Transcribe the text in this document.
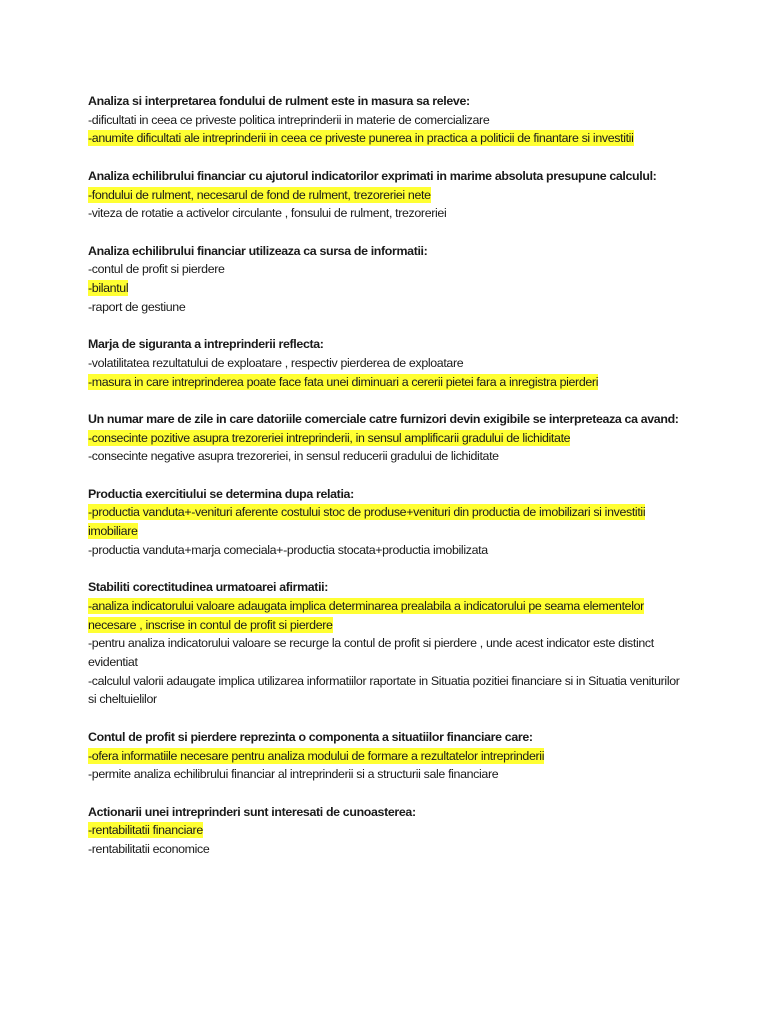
Analiza si interpretarea fondului de rulment este in masura sa releve:
-dificultati in ceea ce priveste politica intreprinderii in materie de comercializare
-anumite dificultati ale intreprinderii in ceea ce priveste punerea in practica a politicii de finantare si investitii
Analiza echilibrului financiar cu ajutorul indicatorilor exprimati in marime absoluta presupune calculul:
-fondului de rulment, necesarul de fond de rulment, trezoreriei nete
-viteza de rotatie a activelor circulante , fonsului de rulment, trezoreriei
Analiza echilibrului financiar utilizeaza ca sursa de informatii:
-contul de profit si pierdere
-bilantul
-raport de gestiune
Marja de siguranta a intreprinderii reflecta:
-volatilitatea rezultatului de exploatare , respectiv pierderea de exploatare
-masura in care intreprinderea poate face fata unei diminuari a cererii pietei fara a inregistra pierderi
Un numar mare de zile in care datoriile comerciale catre furnizori devin exigibile se interpreteaza ca avand:
-consecinte pozitive asupra trezoreriei intreprinderii, in sensul amplificarii gradului de lichiditate
-consecinte negative asupra trezoreriei, in sensul reducerii gradului de lichiditate
Productia exercitiului se determina dupa relatia:
-productia vanduta+-venituri aferente costului stoc de produse+venituri din productia de imobilizari si investitii imobiliare
-productia vanduta+marja comeciala+-productia stocata+productia imobilizata
Stabiliti corectitudinea urmatoarei afirmatii:
-analiza indicatorului valoare adaugata implica determinarea prealabila a indicatorului pe seama elementelor necesare , inscrise in contul de profit si pierdere
-pentru analiza indicatorului valoare se recurge la contul de profit si pierdere , unde acest indicator este distinct evidentiat
-calculul valorii adaugate implica utilizarea informatiilor raportate in Situatia pozitiei financiare si in Situatia veniturilor si cheltuielilor
Contul de profit si pierdere reprezinta o componenta a situatiilor financiare care:
-ofera informatiile necesare pentru analiza modului de formare a rezultatelor intreprinderii
-permite analiza echilibrului financiar al intreprinderii si a structurii sale financiare
Actionarii unei intreprinderi sunt interesati de cunoasterea:
-rentabilitatii financiare
-rentabilitatii economice
